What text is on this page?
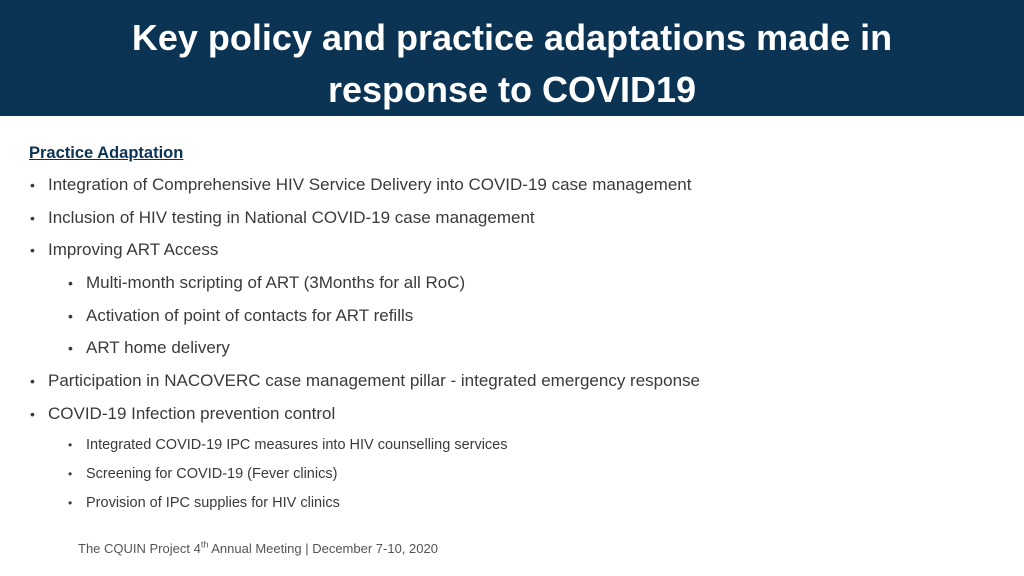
Key policy and practice adaptations made in
response to COVID19
Practice Adaptation
• Integration of Comprehensive HIV Service Delivery into COVID-19 case management
• Inclusion of HIV testing in National COVID-19 case management
• Improving ART Access
• Multi-month scripting of ART (3Months for all RoC)
• Activation of point of contacts for ART refills
• ART home delivery
• Participation in NACOVERC case management pillar - integrated emergency response
• COVID-19 Infection prevention control
• Integrated COVID-19 IPC measures into HIV counselling services
• Screening for COVID-19 (Fever clinics)
• Provision of IPC supplies for HIV clinics
The CQUIN Project 4th Annual Meeting | December 7-10, 2020
